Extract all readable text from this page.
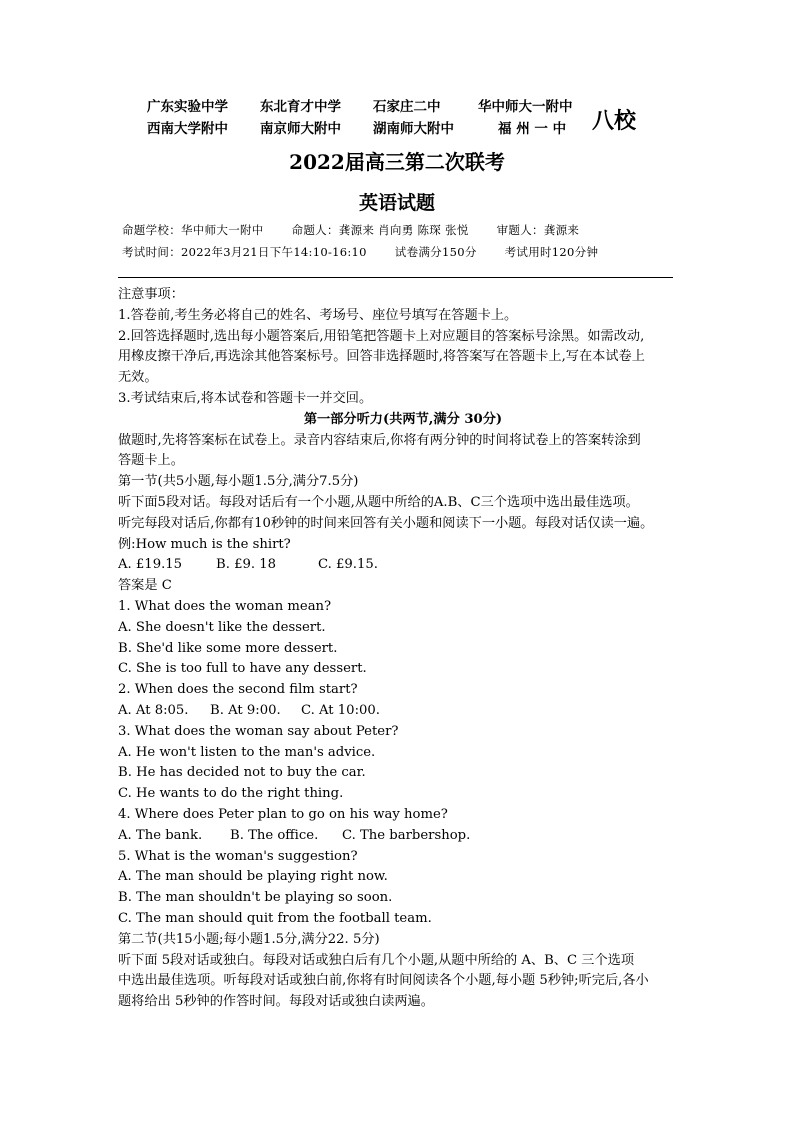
广东实验中学	东北育才中学	石家庄二中	华中师大一附中
西南大学附中	南京师大附中	湖南师大附中	福 州 一 中 八校
2022届高三第二次联考
英语试题
命题学校：华中师大一附中 命题人：龚源来 肖向勇 陈琛 张悦 审题人：龚源来
考试时间：2022年3月21日下午14:10-16:10 试卷满分150分 考试用时120分钟
注意事项：
1.答卷前,考生务必将自己的姓名、考场号、座位号填写在答题卡上。
2.回答选择题时,选出每小题答案后,用铅笔把答题卡上对应题目的答案标号涂黑。如需改动,
用橡皮擦干净后,再选涂其他答案标号。回答非选择题时,将答案写在答题卡上,写在本试卷上
无效。
3.考试结束后,将本试卷和答题卡一并交回。
第一部分听力(共两节,满分 30分)
做题时,先将答案标在试卷上。录音内容结束后,你将有两分钟的时间将试卷上的答案转涂到
答题卡上。
第一节(共5小题,每小题1.5分,满分7.5分)
听下面5段对话。每段对话后有一个小题,从题中所给的A.B、C三个选项中选出最佳选项。
听完每段对话后,你都有10秒钟的时间来回答有关小题和阅读下一小题。每段对话仅读一遍。
例:How much is the shirt?
A. £19.15	B. £9. 18	C. £9.15.
答案是 C
1. What does the woman mean?
A. She doesn't like the dessert.
B. She'd like some more dessert.
C. She is too full to have any dessert.
2. When does the second film start?
A. At 8:05.	B. At 9:00.	C. At 10:00.
3. What does the woman say about Peter?
A. He won't listen to the man's advice.
B. He has decided not to buy the car.
C. He wants to do the right thing.
4. Where does Peter plan to go on his way home?
A. The bank.	B. The office.	C. The barbershop.
5. What is the woman's suggestion?
A. The man should be playing right now.
B. The man shouldn't be playing so soon.
C. The man should quit from the football team.
第二节(共15小题;每小题1.5分,满分22. 5分)
听下面 5段对话或独白。每段对话或独白后有几个小题,从题中所给的 A、B、C 三个选项
中选出最佳选项。听每段对话或独白前,你将有时间阅读各个小题,每小题 5秒钟;听完后,各小
题将给出 5秒钟的作答时间。每段对话或独白读两遍。
